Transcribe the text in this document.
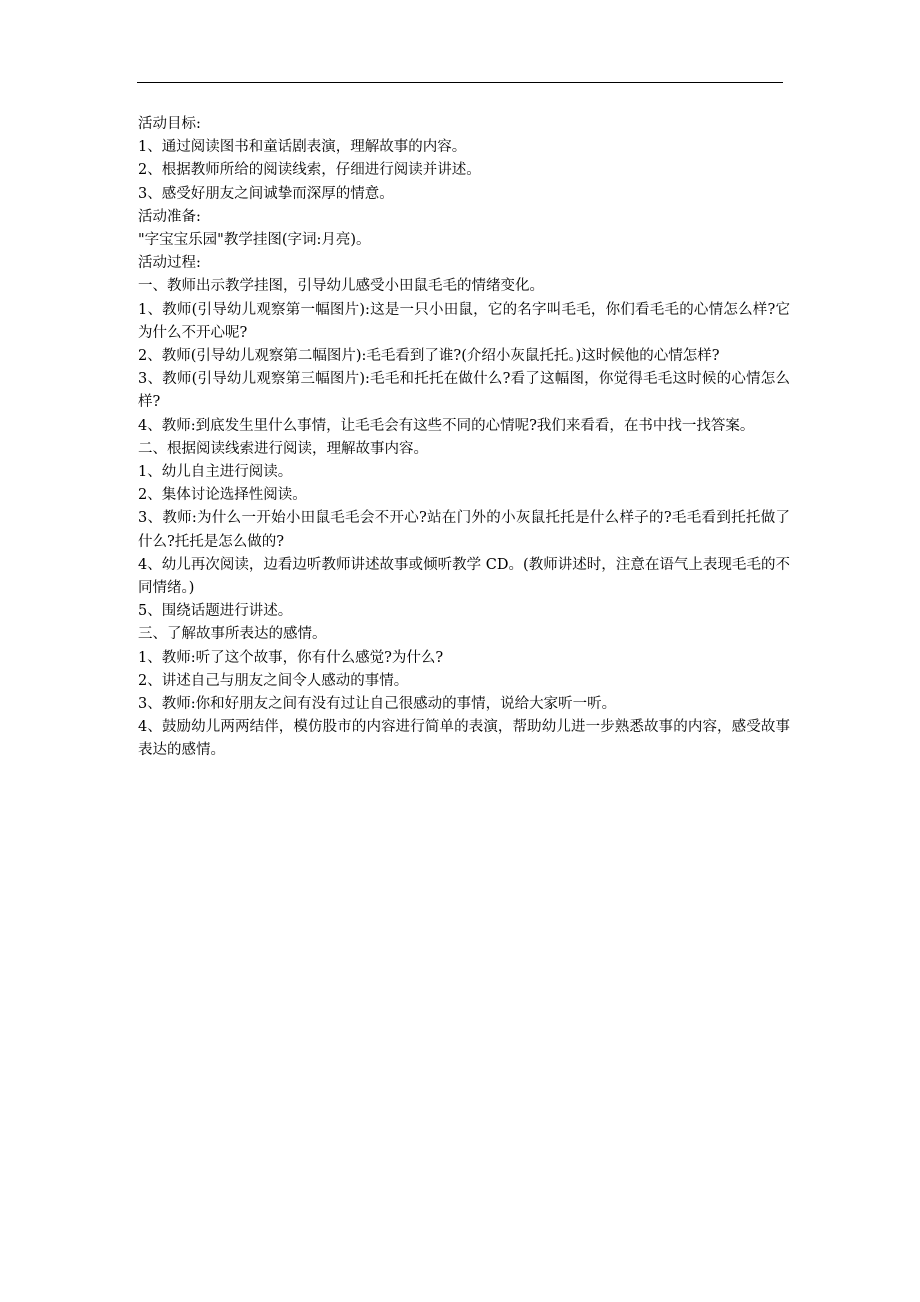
活动目标:

1、通过阅读图书和童话剧表演，理解故事的内容。

2、根据教师所给的阅读线索，仔细进行阅读并讲述。

3、感受好朋友之间诚挚而深厚的情意。

活动准备:

"字宝宝乐园"教学挂图(字词:月亮)。

活动过程:

一、教师出示教学挂图，引导幼儿感受小田鼠毛毛的情绪变化。

1、教师(引导幼儿观察第一幅图片):这是一只小田鼠，它的名字叫毛毛，你们看毛毛的心情怎么样?它为什么不开心呢?

2、教师(引导幼儿观察第二幅图片):毛毛看到了谁?(介绍小灰鼠托托。)这时候他的心情怎样?

3、教师(引导幼儿观察第三幅图片):毛毛和托托在做什么?看了这幅图，你觉得毛毛这时候的心情怎么样?

4、教师:到底发生里什么事情，让毛毛会有这些不同的心情呢?我们来看看，在书中找一找答案。

二、根据阅读线索进行阅读，理解故事内容。

1、幼儿自主进行阅读。

2、集体讨论选择性阅读。

3、教师:为什么一开始小田鼠毛毛会不开心?站在门外的小灰鼠托托是什么样子的?毛毛看到托托做了什么?托托是怎么做的?

4、幼儿再次阅读，边看边听教师讲述故事或倾听教学 CD。(教师讲述时，注意在语气上表现毛毛的不同情绪。)

5、围绕话题进行讲述。

三、了解故事所表达的感情。

1、教师:听了这个故事，你有什么感觉?为什么?

2、讲述自己与朋友之间令人感动的事情。

3、教师:你和好朋友之间有没有过让自己很感动的事情，说给大家听一听。

4、鼓励幼儿两两结伴，模仿股市的内容进行简单的表演，帮助幼儿进一步熟悉故事的内容，感受故事表达的感情。
